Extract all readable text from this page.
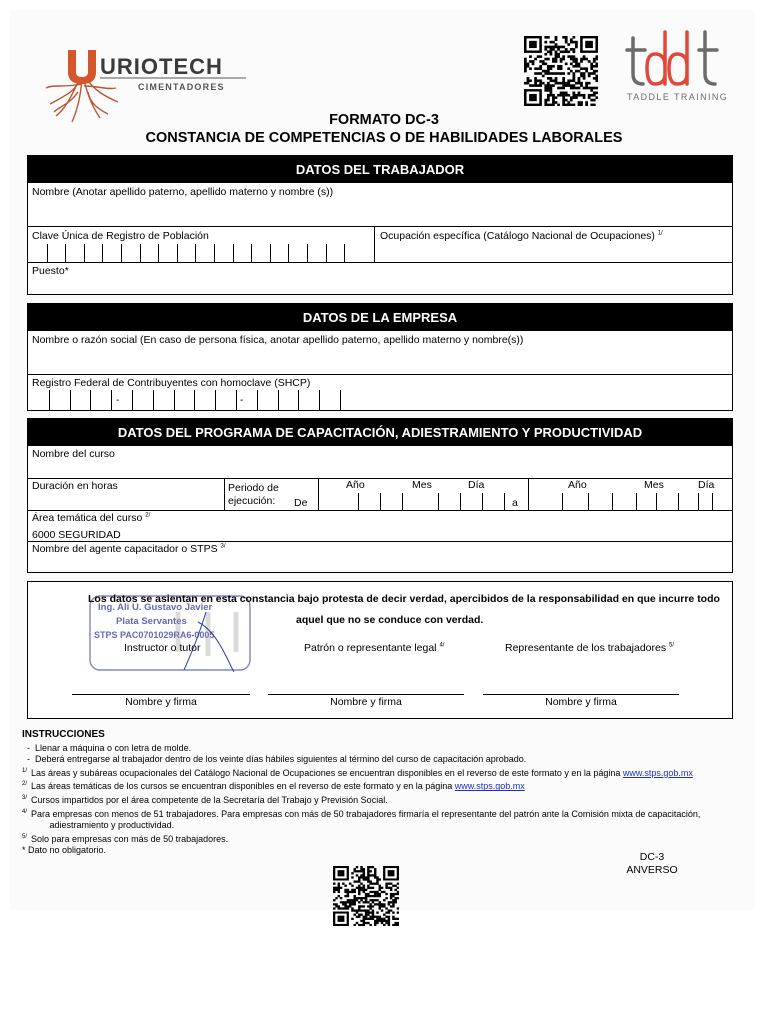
URIOTECH
CIMENTADORES
TADDLE TRAINING
FORMATO DC-3
CONSTANCIA DE COMPETENCIAS O DE HABILIDADES LABORALES
DATOS DEL TRABAJADOR
Nombre (Anotar apellido paterno, apellido materno y nombre (s))
Clave Única de Registro de Población	Ocupación específica (Catálogo Nacional de Ocupaciones) $^{1/}$
Puesto*
DATOS DE LA EMPRESA
Nombre o razón social (En caso de persona física, anotar apellido paterno, apellido materno y nombre(s))
Registro Federal de Contribuyentes con homoclave (SHCP)
-	-
DATOS DEL PROGRAMA DE CAPACITACIÓN, ADIESTRAMIENTO Y PRODUCTIVIDAD
Nombre del curso
Duración en horas	Periodo de
ejecución: De
Año	Mes	Día
a
Año	Mes	Día
Área temática del curso $^{2/}$
6000 SEGURIDAD
Nombre del agente capacitador o STPS $^{3/}$
Ing. Ali U. Gustavo Javier
Plata Servantes
STPS PAC0701029RA6-0005
Los datos se asientan en esta constancia bajo protesta de decir verdad, apercibidos de la responsabilidad en que incurre todo
aquel que no se conduce con verdad.
Instructor o tutor	Patrón o representante legal $^{4/}$	Representante de los trabajadores $^{5/}$
Nombre y firma	Nombre y firma	Nombre y firma
INSTRUCCIONES
-  Llenar a máquina o con letra de molde.
-  Deberá entregarse al trabajador dentro de los veinte días hábiles siguientes al término del curso de capacitación aprobado.
$^{1/}$ Las áreas y subáreas ocupacionales del Catálogo Nacional de Ocupaciones se encuentran disponibles en el reverso de este formato y en la página www.stps.gob.mx
$^{2/}$ Las áreas temáticas de los cursos se encuentran disponibles en el reverso de este formato y en la página www.stps.gob.mx
$^{3/}$ Cursos impartidos por el área competente de la Secretaría del Trabajo y Previsión Social.
$^{4/}$ Para empresas con menos de 51 trabajadores. Para empresas con más de 50 trabajadores firmaría el representante del patrón ante la Comisión mixta de capacitación,
adiestramiento y productividad.
$^{5/}$ Solo para empresas con más de 50 trabajadores.
* Dato no obligatorio.
DC-3
ANVERSO
